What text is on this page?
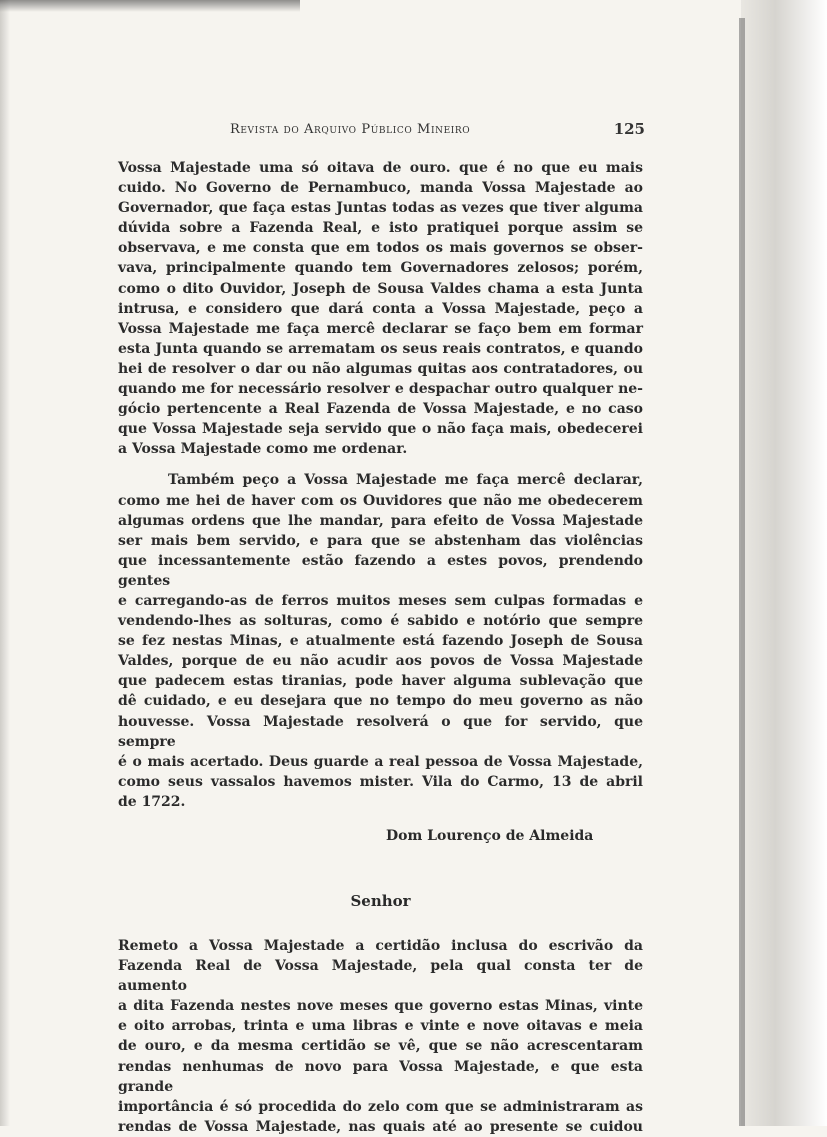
Revista do Arquivo Público Mineiro	125

Vossa Majestade uma só oitava de ouro. que é no que eu mais
cuido. No Governo de Pernambuco, manda Vossa Majestade ao
Governador, que faça estas Juntas todas as vezes que tiver alguma
dúvida sobre a Fazenda Real, e isto pratiquei porque assim se
observava, e me consta que em todos os mais governos se obser-
vava, principalmente quando tem Governadores zelosos; porém,
como o dito Ouvidor, Joseph de Sousa Valdes chama a esta Junta
intrusa, e considero que dará conta a Vossa Majestade, peço a
Vossa Majestade me faça mercê declarar se faço bem em formar
esta Junta quando se arrematam os seus reais contratos, e quando
hei de resolver o dar ou não algumas quitas aos contratadores, ou
quando me for necessário resolver e despachar outro qualquer ne-
gócio pertencente a Real Fazenda de Vossa Majestade, e no caso
que Vossa Majestade seja servido que o não faça mais, obedecerei
a Vossa Majestade como me ordenar.

Também peço a Vossa Majestade me faça mercê declarar,
como me hei de haver com os Ouvidores que não me obedecerem
algumas ordens que lhe mandar, para efeito de Vossa Majestade
ser mais bem servido, e para que se abstenham das violências
que incessantemente estão fazendo a estes povos, prendendo gentes
e carregando-as de ferros muitos meses sem culpas formadas e
vendendo-lhes as solturas, como é sabido e notório que sempre
se fez nestas Minas, e atualmente está fazendo Joseph de Sousa
Valdes, porque de eu não acudir aos povos de Vossa Majestade
que padecem estas tiranias, pode haver alguma sublevação que
dê cuidado, e eu desejara que no tempo do meu governo as não
houvesse. Vossa Majestade resolverá o que for servido, que sempre
é o mais acertado. Deus guarde a real pessoa de Vossa Majestade,
como seus vassalos havemos mister. Vila do Carmo, 13 de abril
de 1722.

Dom Lourenço de Almeida
Senhor

Remeto a Vossa Majestade a certidão inclusa do escrivão da
Fazenda Real de Vossa Majestade, pela qual consta ter de aumento
a dita Fazenda nestes nove meses que governo estas Minas, vinte
e oito arrobas, trinta e uma libras e vinte e nove oitavas e meia
de ouro, e da mesma certidão se vê, que se não acrescentaram
rendas nenhumas de novo para Vossa Majestade, e que esta grande
importância é só procedida do zelo com que se administraram as
rendas de Vossa Majestade, nas quais até ao presente se cuidou
